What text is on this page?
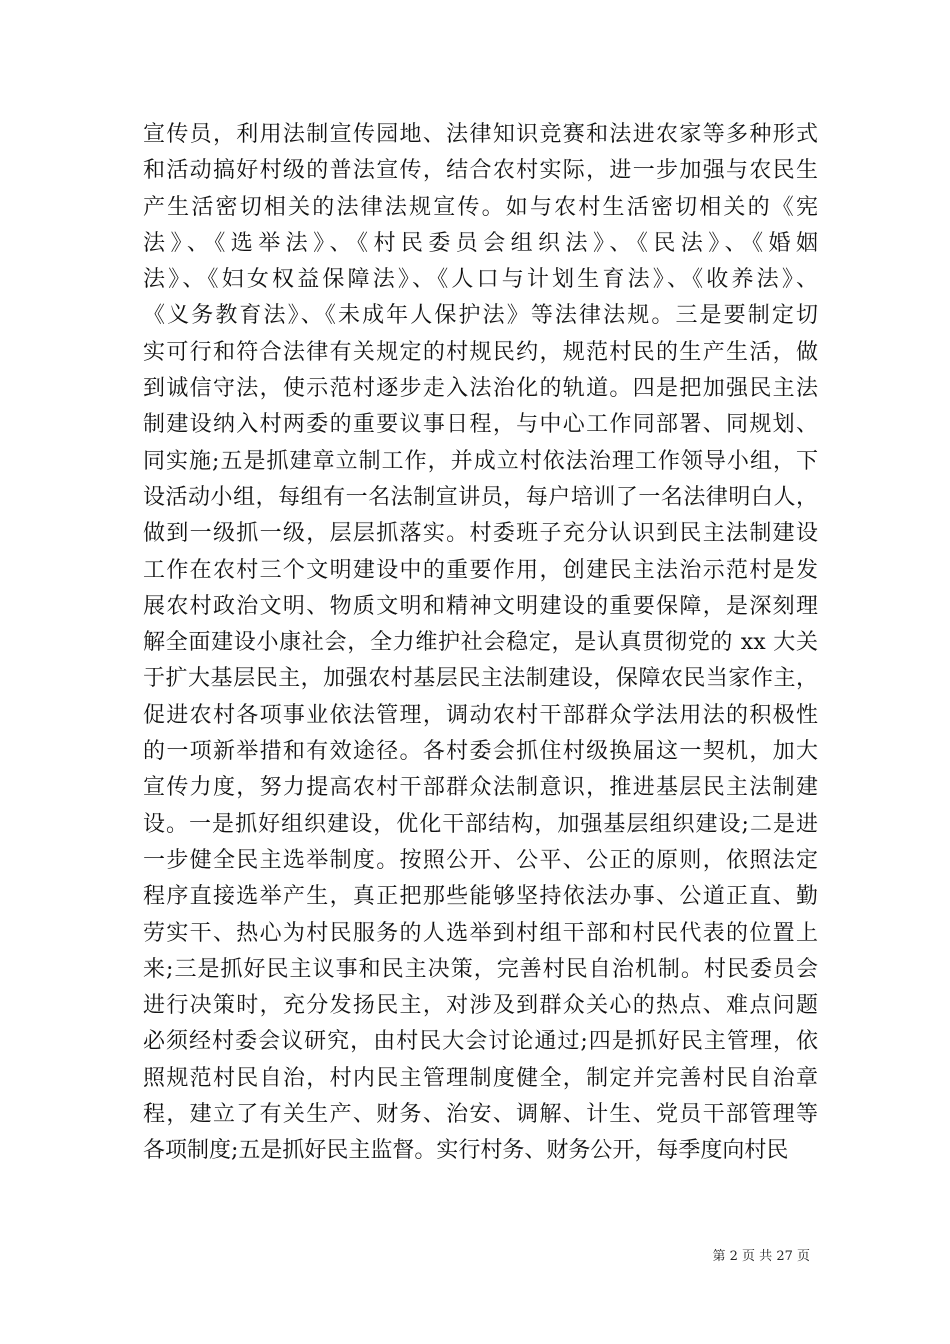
宣传员，利用法制宣传园地、法律知识竞赛和法进农家等多种形式
和活动搞好村级的普法宣传，结合农村实际，进一步加强与农民生
产生活密切相关的法律法规宣传。如与农村生活密切相关的《宪
法》、《选举法》、《村民委员会组织法》、《民法》、《婚姻
法》、《妇女权益保障法》、《人口与计划生育法》、《收养法》、
《义务教育法》、《未成年人保护法》等法律法规。三是要制定切
实可行和符合法律有关规定的村规民约，规范村民的生产生活，做
到诚信守法，使示范村逐步走入法治化的轨道。四是把加强民主法
制建设纳入村两委的重要议事日程，与中心工作同部署、同规划、
同实施;五是抓建章立制工作，并成立村依法治理工作领导小组，下
设活动小组，每组有一名法制宣讲员，每户培训了一名法律明白人，
做到一级抓一级，层层抓落实。村委班子充分认识到民主法制建设
工作在农村三个文明建设中的重要作用，创建民主法治示范村是发
展农村政治文明、物质文明和精神文明建设的重要保障，是深刻理
解全面建设小康社会，全力维护社会稳定，是认真贯彻党的 xx 大关
于扩大基层民主，加强农村基层民主法制建设，保障农民当家作主，
促进农村各项事业依法管理，调动农村干部群众学法用法的积极性
的一项新举措和有效途径。各村委会抓住村级换届这一契机，加大
宣传力度，努力提高农村干部群众法制意识，推进基层民主法制建
设。一是抓好组织建设，优化干部结构，加强基层组织建设;二是进
一步健全民主选举制度。按照公开、公平、公正的原则，依照法定
程序直接选举产生，真正把那些能够坚持依法办事、公道正直、勤
劳实干、热心为村民服务的人选举到村组干部和村民代表的位置上
来;三是抓好民主议事和民主决策，完善村民自治机制。村民委员会
进行决策时，充分发扬民主，对涉及到群众关心的热点、难点问题
必须经村委会议研究，由村民大会讨论通过;四是抓好民主管理，依
照规范村民自治，村内民主管理制度健全，制定并完善村民自治章
程，建立了有关生产、财务、治安、调解、计生、党员干部管理等
各项制度;五是抓好民主监督。实行村务、财务公开，每季度向村民
第 2 页 共 27 页
